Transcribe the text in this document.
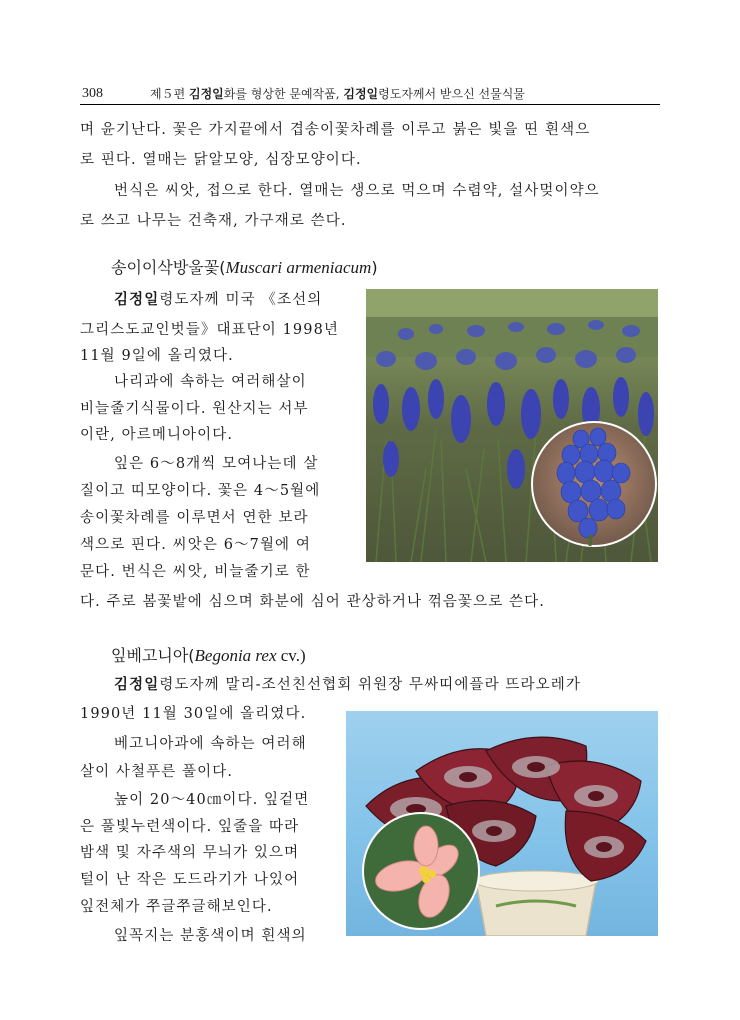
308	제５편 김정일화를 형상한 문예작품, 김정일령도자께서 받으신 선물식물
며 윤기난다. 꽃은 가지끝에서 겹송이꽃차례를 이루고 붉은 빛을 띤 흰색으
로 핀다. 열매는 닭알모양, 심장모양이다.
번식은 씨앗, 접으로 한다. 열매는 생으로 먹으며 수렴약, 설사멎이약으
로 쓰고 나무는 건축재, 가구재로 쓴다.
송이이삭방울꽃(Muscari armeniacum)
김정일령도자께 미국 《조선의
그리스도교인벗들》대표단이 1998년
11월 9일에 올리였다.
나리과에 속하는 여러해살이
비늘줄기식물이다. 원산지는 서부
이란, 아르메니아이다.
잎은 6～8개씩 모여나는데 살
질이고 띠모양이다. 꽃은 4～5월에
송이꽃차례를 이루면서 연한 보라
색으로 핀다. 씨앗은 6～7월에 여
문다. 번식은 씨앗, 비늘줄기로 한
다. 주로 봄꽃밭에 심으며 화분에 심어 관상하거나 꺾음꽃으로 쓴다.
잎베고니아(Begonia rex cv.)
김정일령도자께 말리-조선친선협회 위원장 무싸띠에플라 뜨라오레가
1990년 11월 30일에 올리였다.
베고니아과에 속하는 여러해
살이 사철푸른 풀이다.
높이 20～40㎝이다. 잎겉면
은 풀빛누런색이다. 잎줄을 따라
밤색 및 자주색의 무늬가 있으며
털이 난 작은 도드라기가 나있어
잎전체가 쭈글쭈글해보인다.
잎꼭지는 분홍색이며 흰색의
